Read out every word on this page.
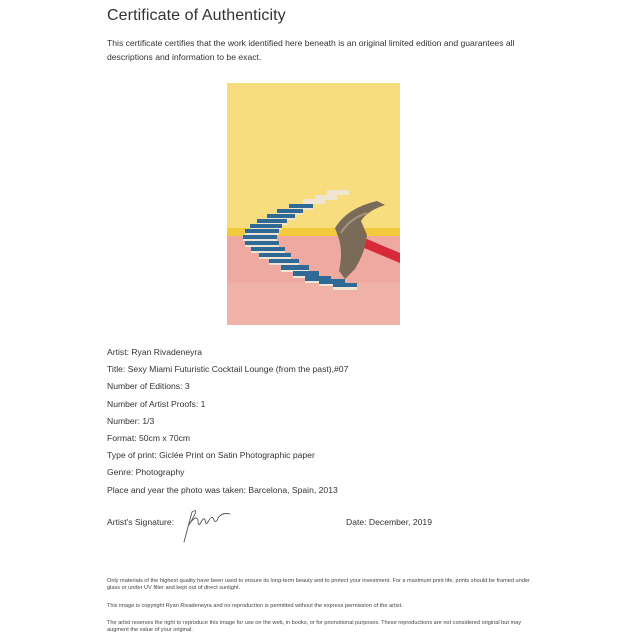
Certificate of Authenticity
This certificate certifies that the work identified here beneath is an original limited edition and guarantees all descriptions and information to be exact.
Artist: Ryan Rivadeneyra
Title: Sexy Miami Futuristic Cocktail Lounge (from the past),#07
Number of Editions: 3
Number of Artist Proofs: 1
Number: 1/3
Format: 50cm x 70cm
Type of print: Giclée Print on Satin Photographic paper
Genre: Photography
Place and year the photo was taken: Barcelona, Spain, 2013
Artist's Signature:	Date: December, 2019
Only materials of the highest quality have been used to ensure its long-term beauty and to protect your investment. For a maximum print life, prints should be framed under glass or under UV filter and kept out of direct sunlight.
This image is copyright Ryan Rivadeneyra and no reproduction is permitted without the express permission of the artist.
The artist reserves the right to reproduce this image for use on the web, in books, or for promotional purposes. These reproductions are not considered original but may augment the value of your original.
